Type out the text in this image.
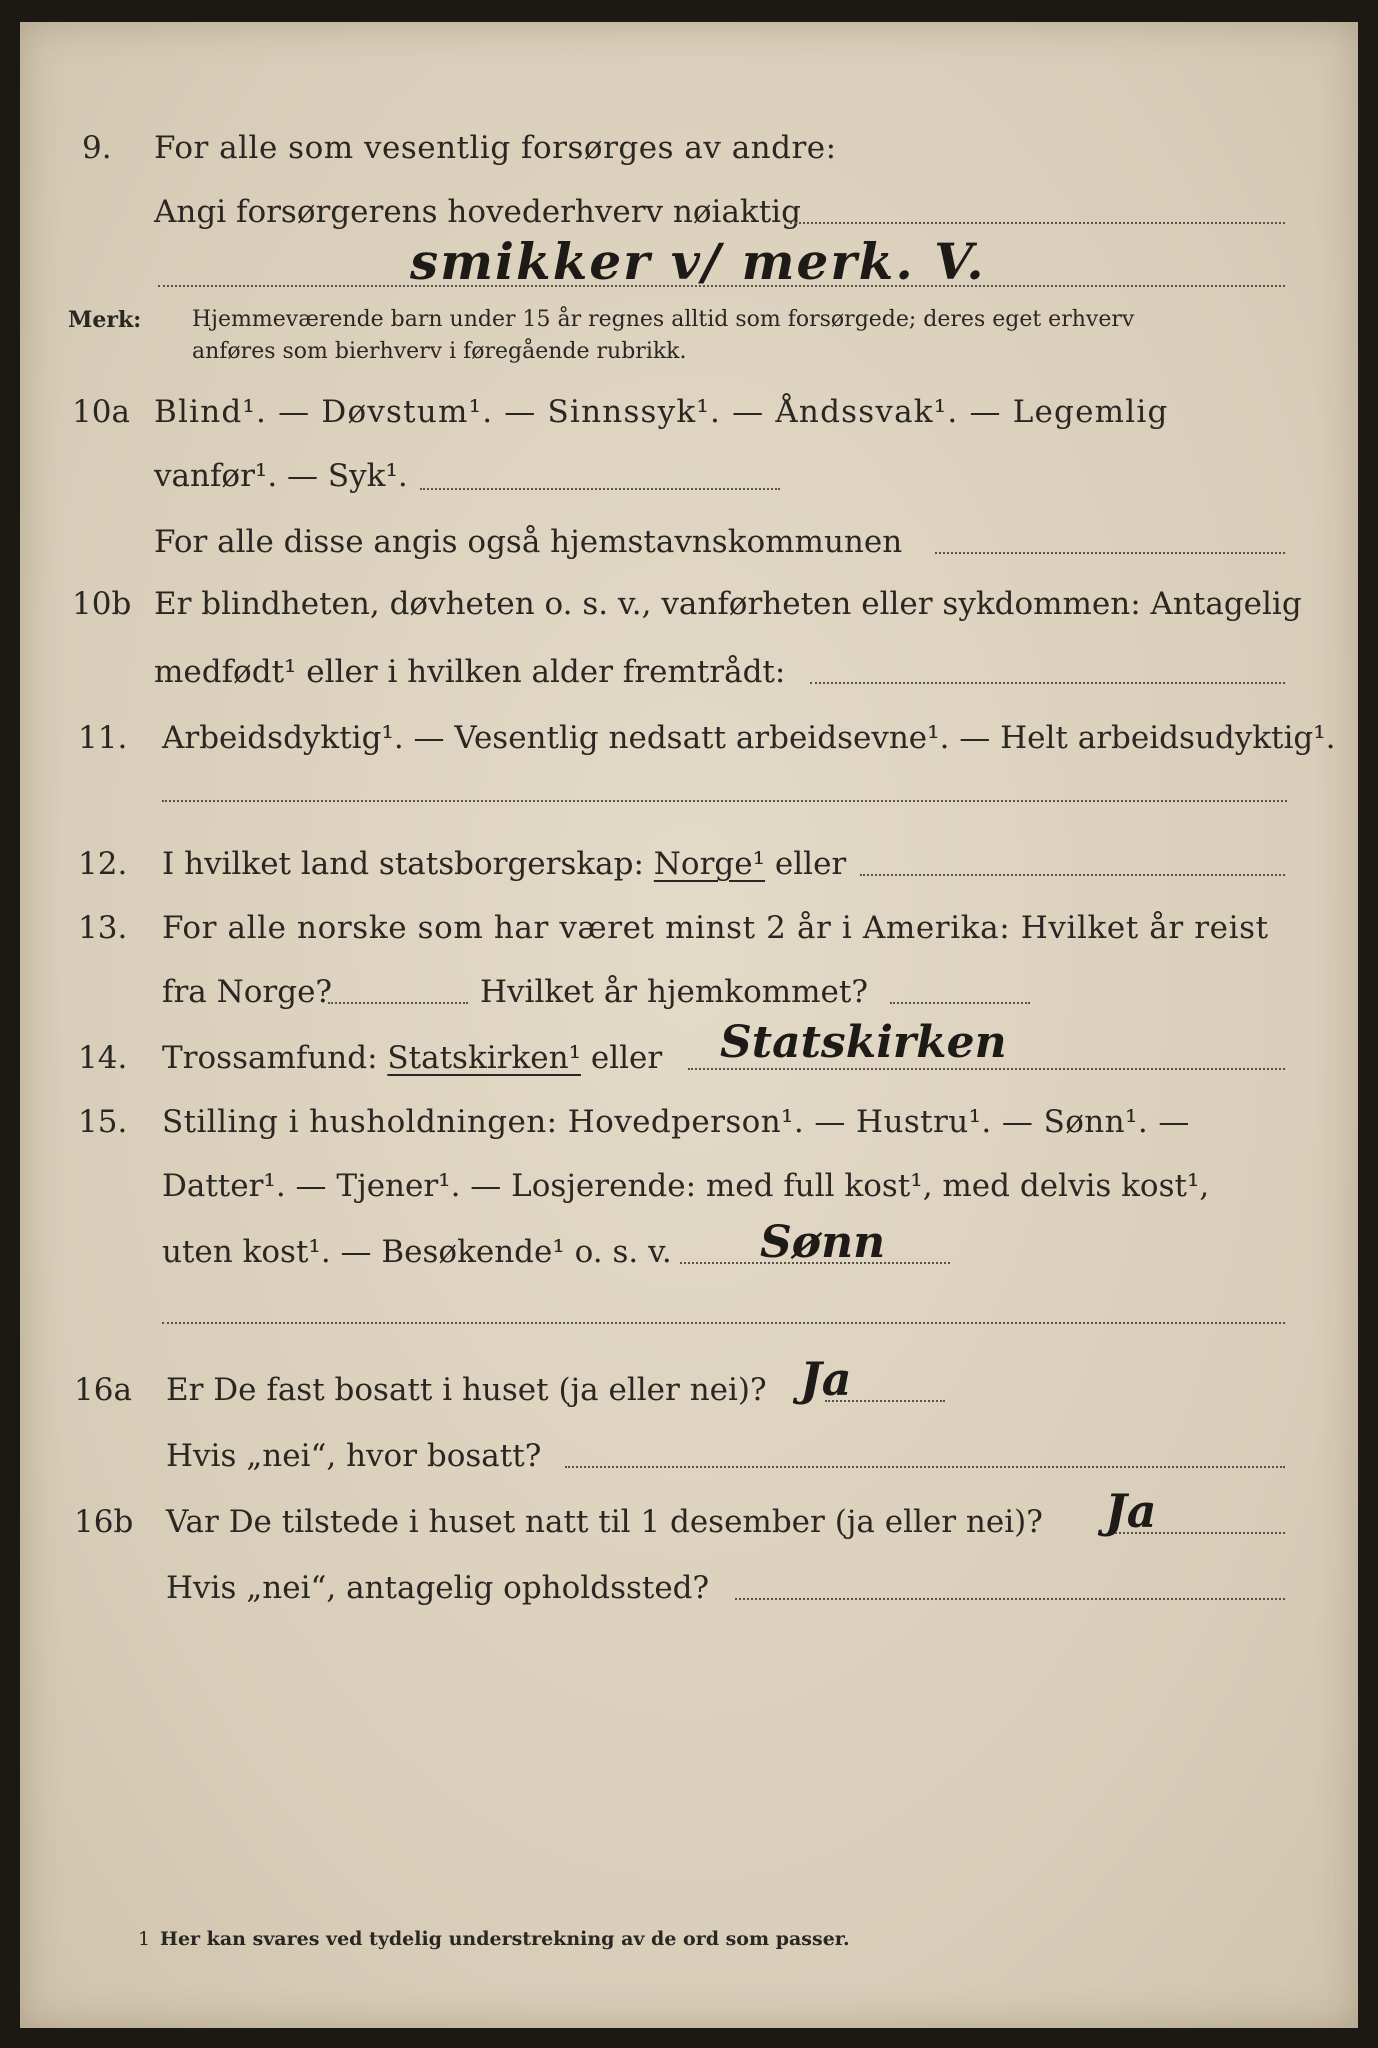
9. For alle som vesentlig forsørges av andre:
Angi forsørgerens hovederhverv nøiaktig
smikker v/ merk. V.
Merk: Hjemmeværende barn under 15 år regnes alltid som forsørgede; deres eget erhverv
anføres som bierhverv i føregående rubrikk.
10a Blind¹. — Døvstum¹. — Sinnssyk¹. — Åndssvak¹. — Legemlig
vanfør¹. — Syk¹.
For alle disse angis også hjemstavnskommunen
10b Er blindheten, døvheten o. s. v., vanførheten eller sykdommen: Antagelig
medfødt¹ eller i hvilken alder fremtrådt:
11. Arbeidsdyktig¹. — Vesentlig nedsatt arbeidsevne¹. — Helt arbeidsudyktig¹.
12. I hvilket land statsborgerskap: Norge¹ eller
13. For alle norske som har været minst 2 år i Amerika: Hvilket år reist
fra Norge?	Hvilket år hjemkommet?
14. Trossamfund: Statskirken¹ eller Statskirken
15. Stilling i husholdningen: Hovedperson¹. — Hustru¹. — Sønn¹. —
Datter¹. — Tjener¹. — Losjerende: med full kost¹, med delvis kost¹,
uten kost¹. — Besøkende¹ o. s. v. Sønn
16a Er De fast bosatt i huset (ja eller nei)? Ja
Hvis „nei“, hvor bosatt?
16b Var De tilstede i huset natt til 1 desember (ja eller nei)? Ja
Hvis „nei“, antagelig opholdssted?
1 Her kan svares ved tydelig understrekning av de ord som passer.
